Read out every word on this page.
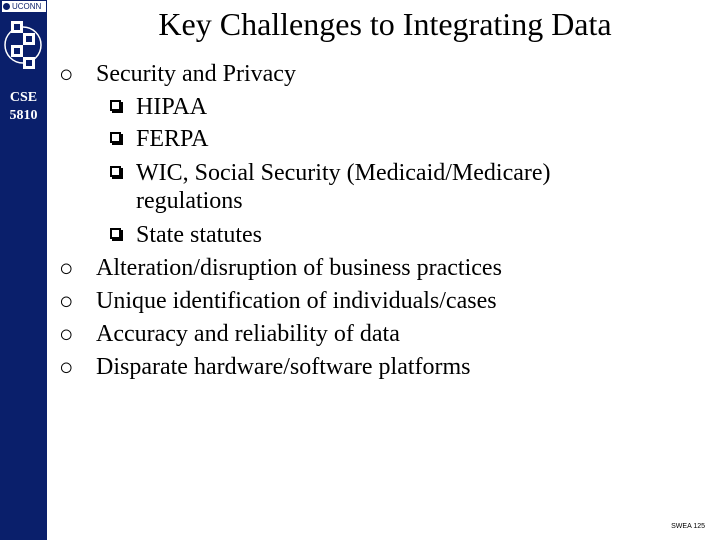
UCONN
CSE
5810
Key Challenges to Integrating Data
○ Security and Privacy
HIPAA
FERPA
WIC, Social Security (Medicaid/Medicare)
regulations
State statutes
○ Alteration/disruption of business practices
○ Unique identification of individuals/cases
○ Accuracy and reliability of data
○ Disparate hardware/software platforms
SWEA 125
